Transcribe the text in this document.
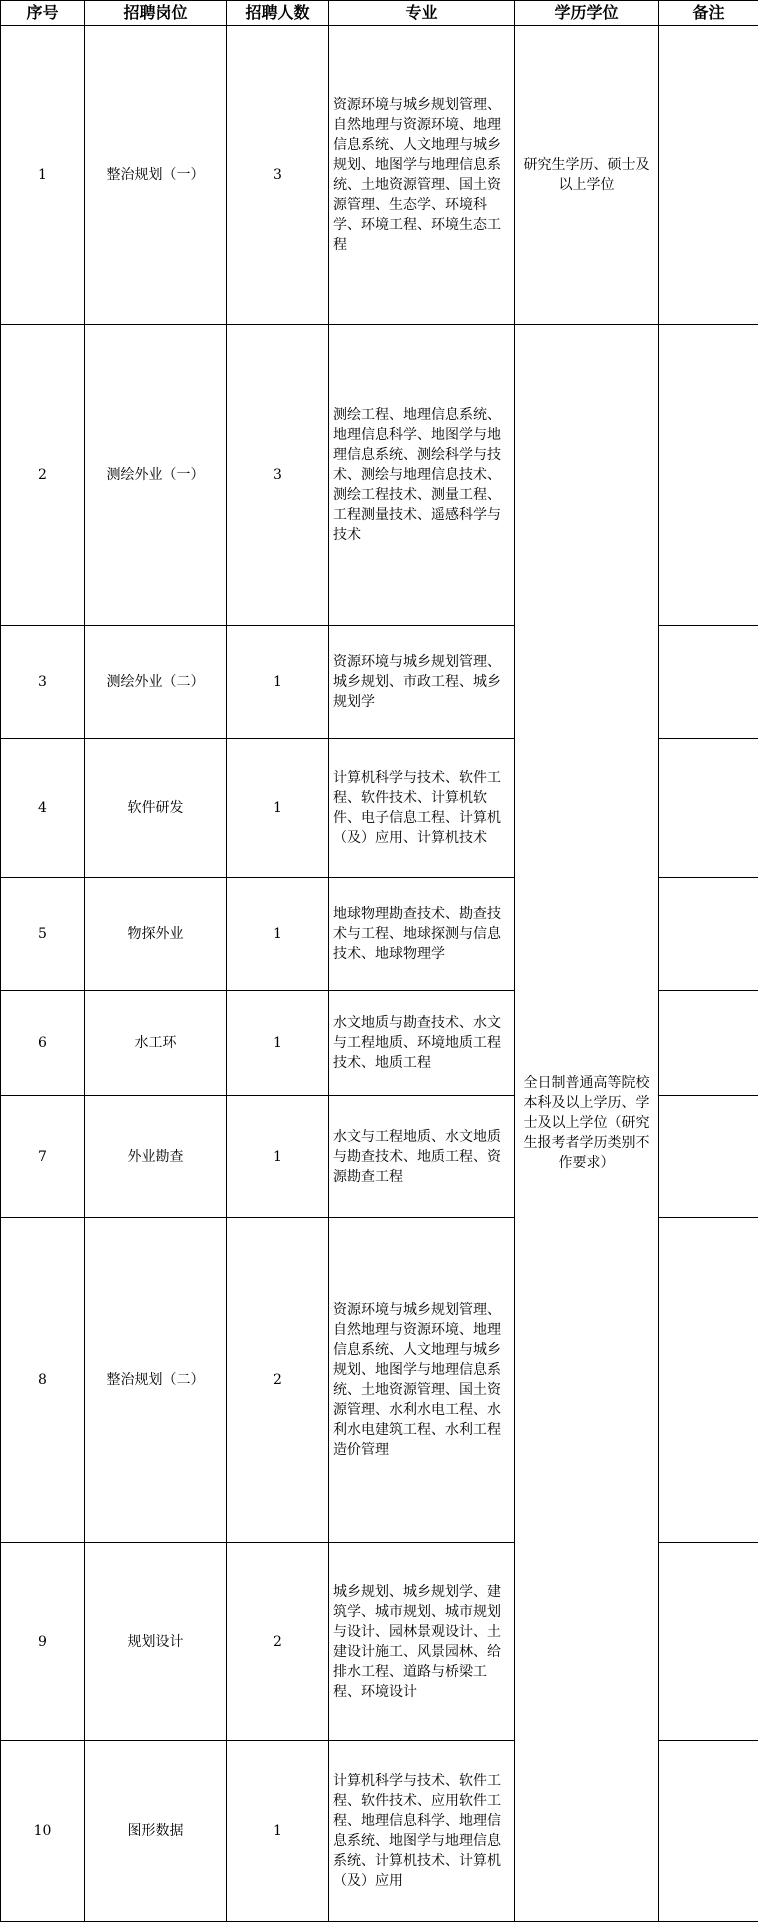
序号	招聘岗位	招聘人数	专业	学历学位	备注
1	整治规划（一）	3	资源环境与城乡规划管理、自然地理与资源环境、地理信息系统、人文地理与城乡规划、地图学与地理信息系统、土地资源管理、国土资源管理、生态学、环境科学、环境工程、环境生态工程	研究生学历、硕士及以上学位	
2	测绘外业（一）	3	测绘工程、地理信息系统、地理信息科学、地图学与地理信息系统、测绘科学与技术、测绘与地理信息技术、测绘工程技术、测量工程、工程测量技术、遥感科学与技术	全日制普通高等院校本科及以上学历、学士及以上学位（研究生报考者学历类别不作要求）	
3	测绘外业（二）	1	资源环境与城乡规划管理、城乡规划、市政工程、城乡规划学		
4	软件研发	1	计算机科学与技术、软件工程、软件技术、计算机软件、电子信息工程、计算机（及）应用、计算机技术		
5	物探外业	1	地球物理勘查技术、勘查技术与工程、地球探测与信息技术、地球物理学		
6	水工环	1	水文地质与勘查技术、水文与工程地质、环境地质工程技术、地质工程		
7	外业勘查	1	水文与工程地质、水文地质与勘查技术、地质工程、资源勘查工程		
8	整治规划（二）	2	资源环境与城乡规划管理、自然地理与资源环境、地理信息系统、人文地理与城乡规划、地图学与地理信息系统、土地资源管理、国土资源管理、水利水电工程、水利水电建筑工程、水利工程造价管理		
9	规划设计	2	城乡规划、城乡规划学、建筑学、城市规划、城市规划与设计、园林景观设计、土建设计施工、风景园林、给排水工程、道路与桥梁工程、环境设计		
10	图形数据	1	计算机科学与技术、软件工程、软件技术、应用软件工程、地理信息科学、地理信息系统、地图学与地理信息系统、计算机技术、计算机（及）应用		
